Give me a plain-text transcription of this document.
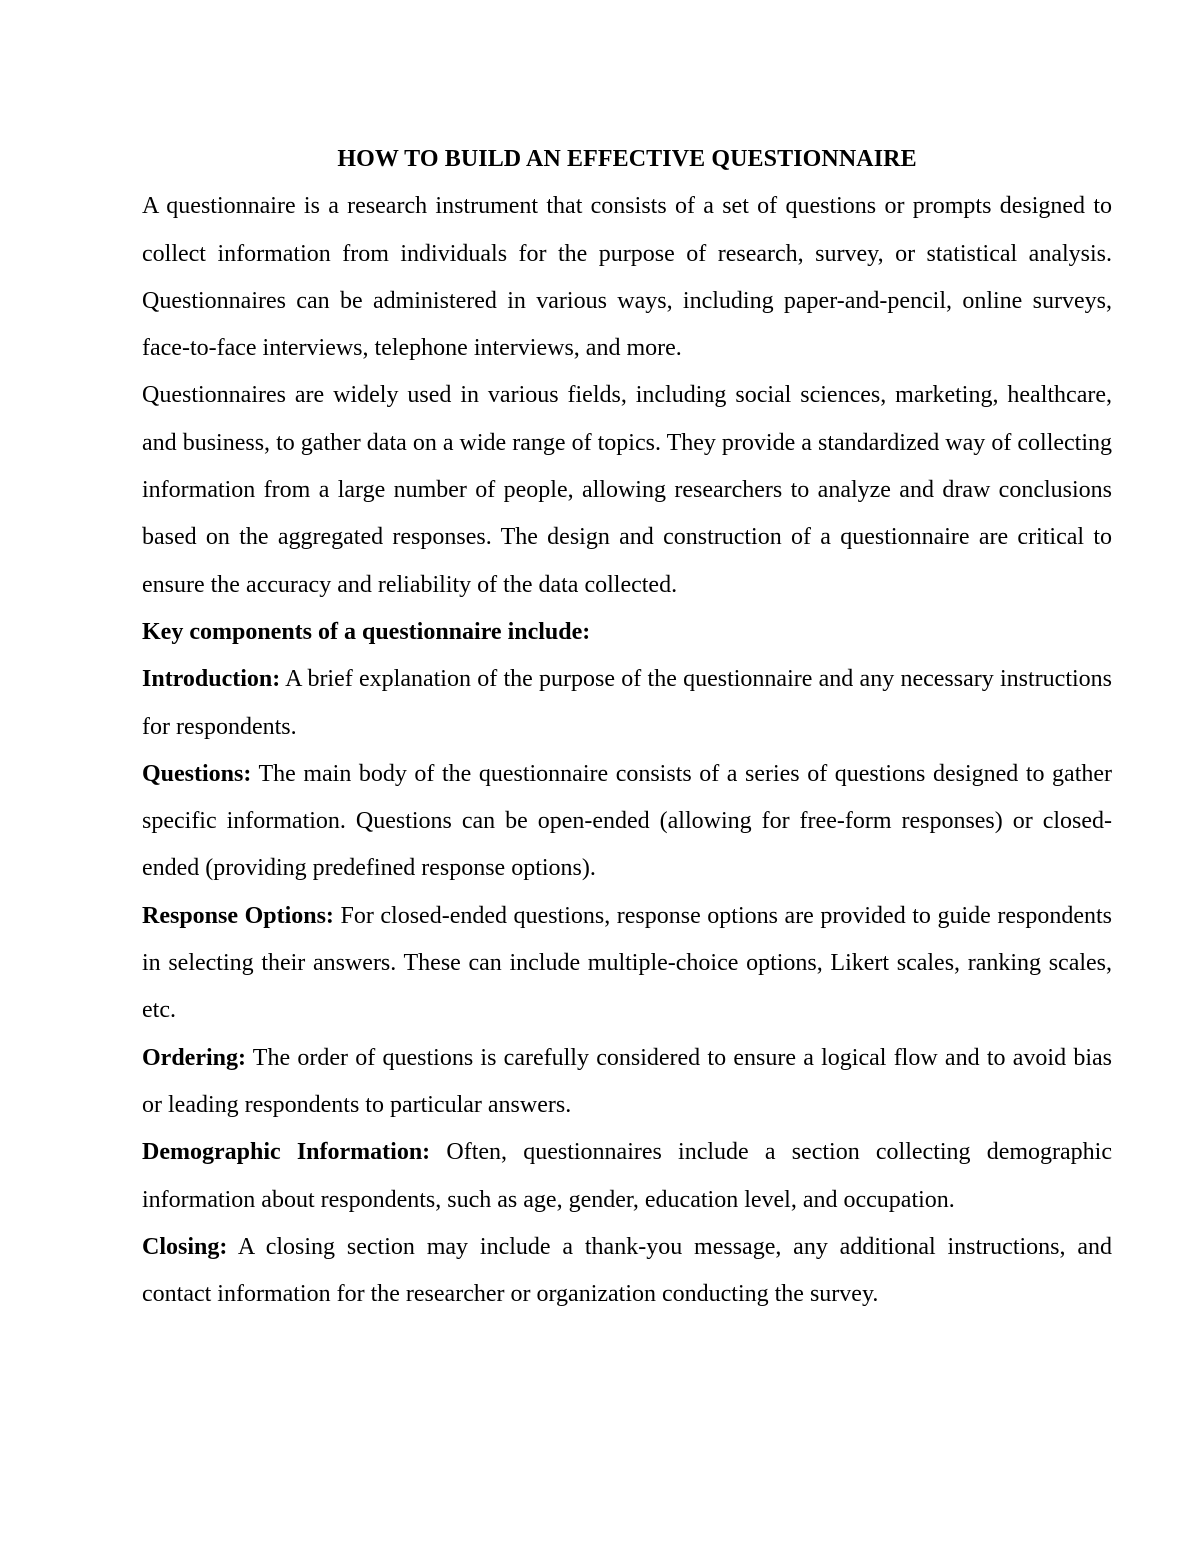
HOW TO BUILD AN EFFECTIVE QUESTIONNAIRE

A questionnaire is a research instrument that consists of a set of questions or prompts designed to collect information from individuals for the purpose of research, survey, or statistical analysis. Questionnaires can be administered in various ways, including paper-and-pencil, online surveys, face-to-face interviews, telephone interviews, and more.

Questionnaires are widely used in various fields, including social sciences, marketing, healthcare, and business, to gather data on a wide range of topics. They provide a standardized way of collecting information from a large number of people, allowing researchers to analyze and draw conclusions based on the aggregated responses. The design and construction of a questionnaire are critical to ensure the accuracy and reliability of the data collected.

Key components of a questionnaire include:

Introduction: A brief explanation of the purpose of the questionnaire and any necessary instructions for respondents.

Questions: The main body of the questionnaire consists of a series of questions designed to gather specific information. Questions can be open-ended (allowing for free-form responses) or closed-ended (providing predefined response options).

Response Options: For closed-ended questions, response options are provided to guide respondents in selecting their answers. These can include multiple-choice options, Likert scales, ranking scales, etc.

Ordering: The order of questions is carefully considered to ensure a logical flow and to avoid bias or leading respondents to particular answers.

Demographic Information: Often, questionnaires include a section collecting demographic information about respondents, such as age, gender, education level, and occupation.

Closing: A closing section may include a thank-you message, any additional instructions, and contact information for the researcher or organization conducting the survey.
